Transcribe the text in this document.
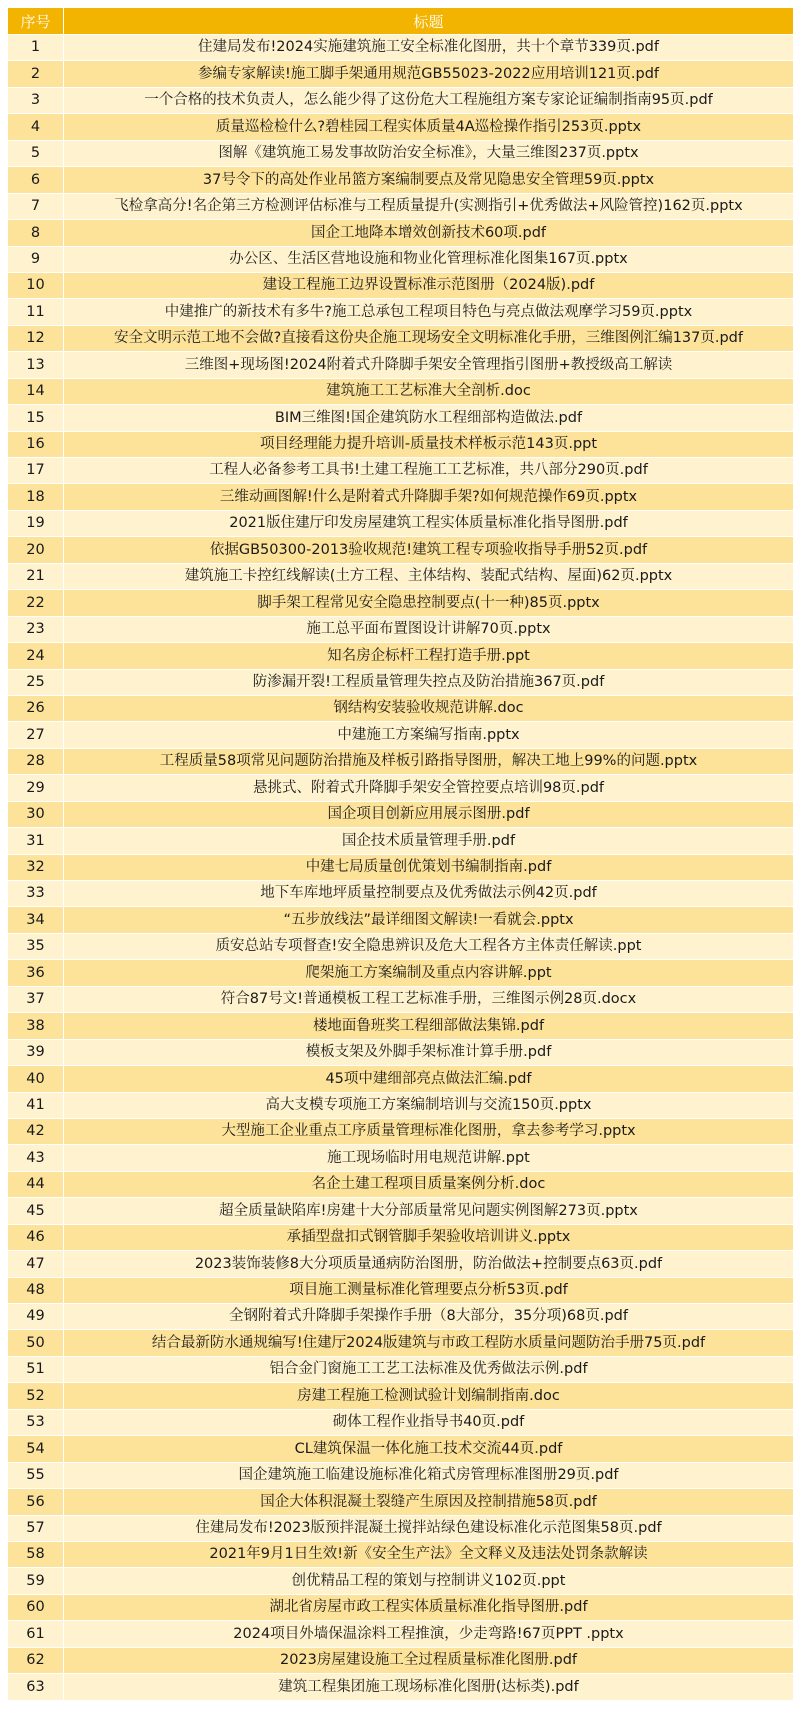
序号	标题
1	住建局发布!2024实施建筑施工安全标准化图册，共十个章节339页.pdf
2	参编专家解读!施工脚手架通用规范GB55023-2022应用培训121页.pdf
3	一个合格的技术负责人，怎么能少得了这份危大工程施组方案专家论证编制指南95页.pdf
4	质量巡检检什么?碧桂园工程实体质量4A巡检操作指引253页.pptx
5	图解《建筑施工易发事故防治安全标准》，大量三维图237页.pptx
6	37号令下的高处作业吊篮方案编制要点及常见隐患安全管理59页.pptx
7	飞检拿高分!名企第三方检测评估标准与工程质量提升(实测指引+优秀做法+风险管控)162页.pptx
8	国企工地降本增效创新技术60项.pdf
9	办公区、生活区营地设施和物业化管理标准化图集167页.pptx
10	建设工程施工边界设置标准示范图册（2024版).pdf
11	中建推广的新技术有多牛?施工总承包工程项目特色与亮点做法观摩学习59页.pptx
12	安全文明示范工地不会做?直接看这份央企施工现场安全文明标准化手册，三维图例汇编137页.pdf
13	三维图+现场图!2024附着式升降脚手架安全管理指引图册+教授级高工解读
14	建筑施工工艺标准大全剖析.doc
15	BIM三维图!国企建筑防水工程细部构造做法.pdf
16	项目经理能力提升培训-质量技术样板示范143页.ppt
17	工程人必备参考工具书!土建工程施工工艺标准，共八部分290页.pdf
18	三维动画图解!什么是附着式升降脚手架?如何规范操作69页.pptx
19	2021版住建厅印发房屋建筑工程实体质量标准化指导图册.pdf
20	依据GB50300-2013验收规范!建筑工程专项验收指导手册52页.pdf
21	建筑施工卡控红线解读(土方工程、主体结构、装配式结构、屋面)62页.pptx
22	脚手架工程常见安全隐患控制要点(十一种)85页.pptx
23	施工总平面布置图设计讲解70页.pptx
24	知名房企标杆工程打造手册.ppt
25	防渗漏开裂!工程质量管理失控点及防治措施367页.pdf
26	钢结构安装验收规范讲解.doc
27	中建施工方案编写指南.pptx
28	工程质量58项常见问题防治措施及样板引路指导图册，解决工地上99%的问题.pptx
29	悬挑式、附着式升降脚手架安全管控要点培训98页.pdf
30	国企项目创新应用展示图册.pdf
31	国企技术质量管理手册.pdf
32	中建七局质量创优策划书编制指南.pdf
33	地下车库地坪质量控制要点及优秀做法示例42页.pdf
34	“五步放线法”最详细图文解读!一看就会.pptx
35	质安总站专项督查!安全隐患辨识及危大工程各方主体责任解读.ppt
36	爬架施工方案编制及重点内容讲解.ppt
37	符合87号文!普通模板工程工艺标准手册，三维图示例28页.docx
38	楼地面鲁班奖工程细部做法集锦.pdf
39	模板支架及外脚手架标准计算手册.pdf
40	45项中建细部亮点做法汇编.pdf
41	高大支模专项施工方案编制培训与交流150页.pptx
42	大型施工企业重点工序质量管理标准化图册，拿去参考学习.pptx
43	施工现场临时用电规范讲解.ppt
44	名企土建工程项目质量案例分析.doc
45	超全质量缺陷库!房建十大分部质量常见问题实例图解273页.pptx
46	承插型盘扣式钢管脚手架验收培训讲义.pptx
47	2023装饰装修8大分项质量通病防治图册，防治做法+控制要点63页.pdf
48	项目施工测量标准化管理要点分析53页.pdf
49	全钢附着式升降脚手架操作手册（8大部分，35分项)68页.pdf
50	结合最新防水通规编写!住建厅2024版建筑与市政工程防水质量问题防治手册75页.pdf
51	铝合金门窗施工工艺工法标准及优秀做法示例.pdf
52	房建工程施工检测试验计划编制指南.doc
53	砌体工程作业指导书40页.pdf
54	CL建筑保温一体化施工技术交流44页.pdf
55	国企建筑施工临建设施标准化箱式房管理标准图册29页.pdf
56	国企大体积混凝土裂缝产生原因及控制措施58页.pdf
57	住建局发布!2023版预拌混凝土搅拌站绿色建设标准化示范图集58页.pdf
58	2021年9月1日生效!新《安全生产法》全文释义及违法处罚条款解读
59	创优精品工程的策划与控制讲义102页.ppt
60	湖北省房屋市政工程实体质量标准化指导图册.pdf
61	2024项目外墙保温涂料工程推演，少走弯路!67页PPT .pptx
62	2023房屋建设施工全过程质量标准化图册.pdf
63	建筑工程集团施工现场标准化图册(达标类).pdf
